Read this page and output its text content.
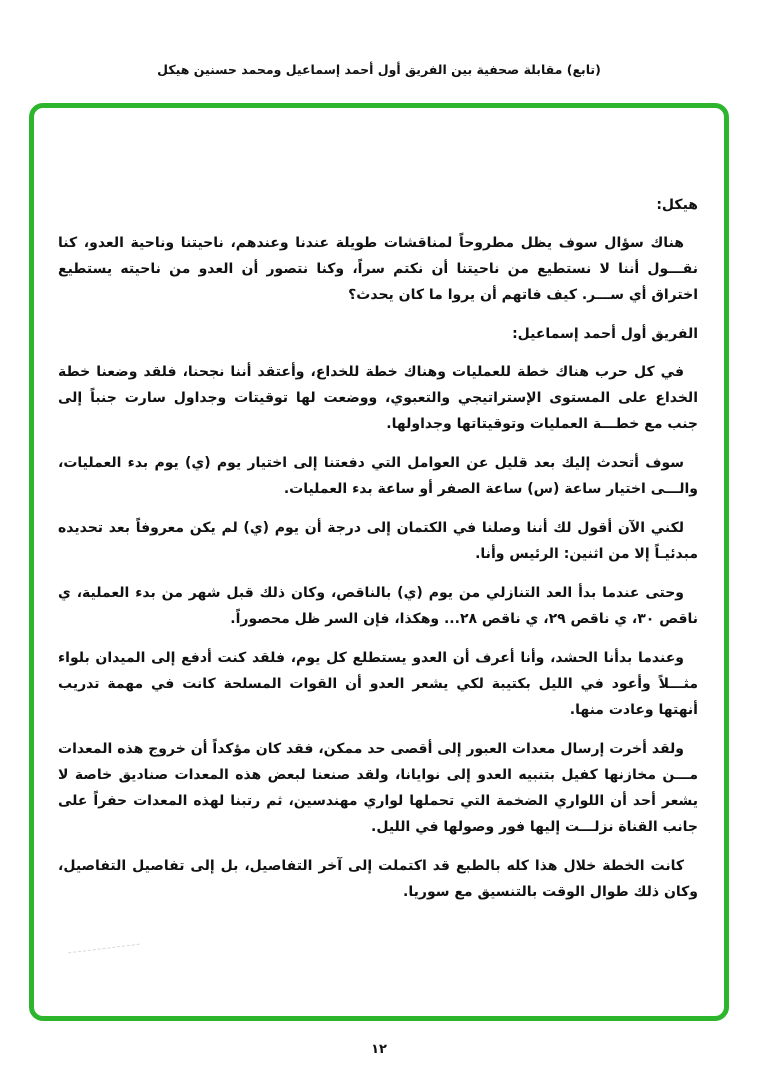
(تابع) مقابلة صحفية بين الفريق أول أحمد إسماعيل ومحمد حسنين هيكل
هيكل:
هناك سؤال سوف يظل مطروحاً لمناقشات طويلة عندنا وعندهم، ناحيتنا وناحية العدو، كنا نقـــول أننا لا نستطيع من ناحيتنا أن نكتم سراً، وكنا نتصور أن العدو من ناحيته يستطيع اختراق أي ســـر. كيف فاتهم أن يروا ما كان يحدث؟
الفريق أول أحمد إسماعيل:
في كل حرب هناك خطة للعمليات وهناك خطة للخداع، وأعتقد أننا نجحنا، فلقد وضعنا خطة الخداع على المستوى الإستراتيجي والتعبوي، ووضعت لها توقيتات وجداول سارت جنباً إلى جنب مع خطـــة العمليات وتوقيتاتها وجداولها.
سوف أتحدث إليك بعد قليل عن العوامل التي دفعتنا إلى اختيار يوم (ي) يوم بدء العمليات، والـــى اختيار ساعة (س) ساعة الصفر أو ساعة بدء العمليات.
لكني الآن أقول لك أننا وصلنا في الكتمان إلى درجة أن يوم (ي) لم يكن معروفاً بعد تحديده مبدئيـاً إلا من اثنين: الرئيس وأنا.
وحتى عندما بدأ العد التنازلي من يوم (ي) بالناقص، وكان ذلك قبل شهر من بدء العملية، ي ناقص ٣٠، ي ناقص ٢٩، ي ناقص ٢٨... وهكذا، فإن السر ظل محصوراً.
وعندما بدأنا الحشد، وأنا أعرف أن العدو يستطلع كل يوم، فلقد كنت أدفع إلى الميدان بلواء مثـــلاً وأعود في الليل بكتيبة لكي يشعر العدو أن القوات المسلحة كانت في مهمة تدريب أنهتها وعادت منها.
ولقد أخرت إرسال معدات العبور إلى أقصى حد ممكن، فقد كان مؤكداً أن خروج هذه المعدات مـــن مخازنها كفيل بتنبيه العدو إلى نوايانا، ولقد صنعنا لبعض هذه المعدات صناديق خاصة لا يشعر أحد أن اللواري الضخمة التي تحملها لواري مهندسين، ثم رتبنا لهذه المعدات حفراً على جانب القناة نزلـــت إليها فور وصولها في الليل.
كانت الخطة خلال هذا كله بالطبع قد اكتملت إلى آخر التفاصيل، بل إلى تفاصيل التفاصيل، وكان ذلك طوال الوقت بالتنسيق مع سوريا.
١٢
